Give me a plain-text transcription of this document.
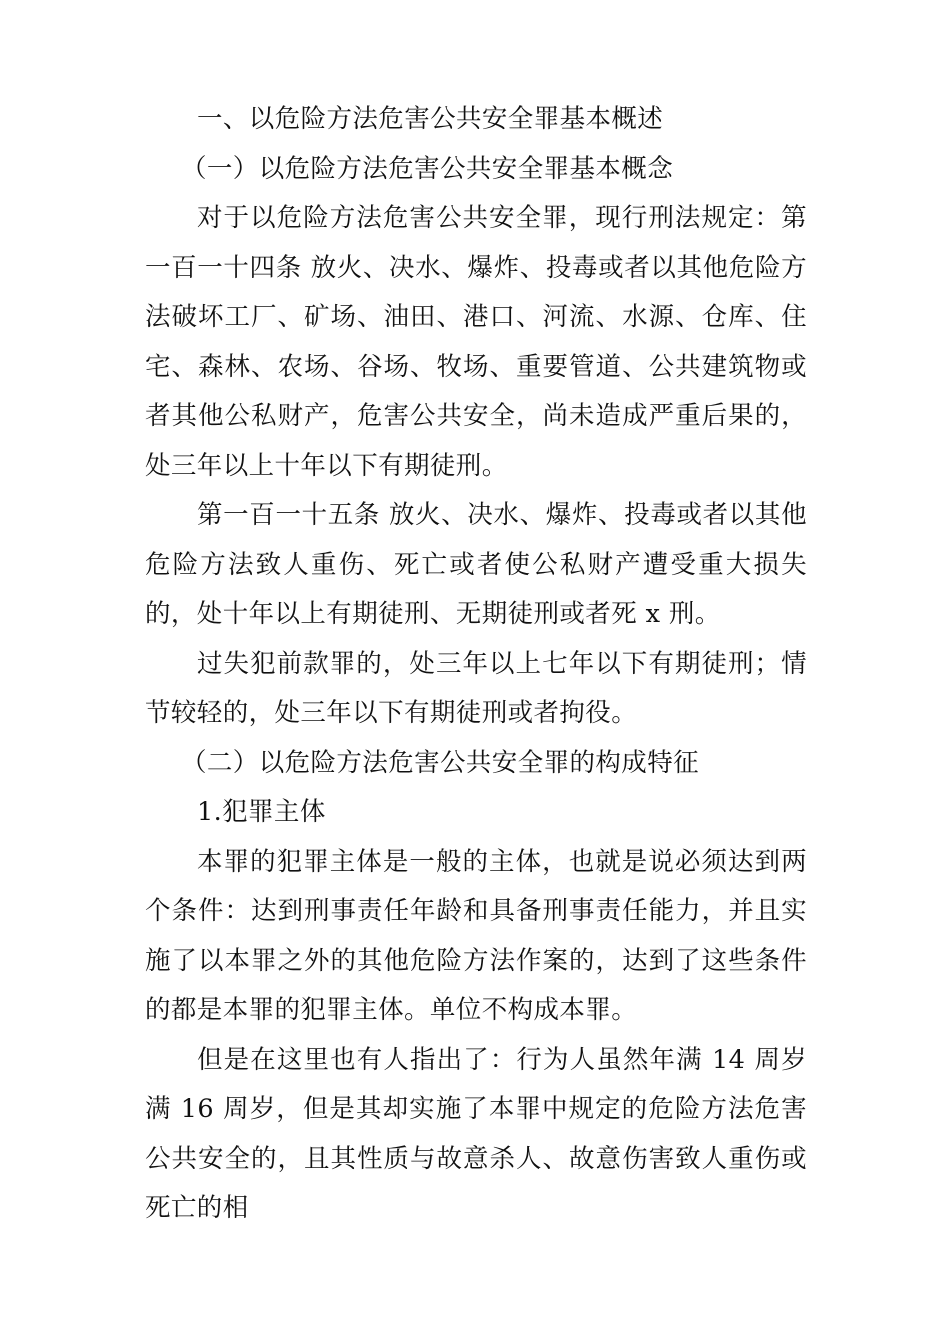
一、以危险方法危害公共安全罪基本概述

（一）以危险方法危害公共安全罪基本概念

对于以危险方法危害公共安全罪，现行刑法规定：第一百一十四条 放火、决水、爆炸、投毒或者以其他危险方法破坏工厂、矿场、油田、港口、河流、水源、仓库、住宅、森林、农场、谷场、牧场、重要管道、公共建筑物或者其他公私财产，危害公共安全，尚未造成严重后果的，处三年以上十年以下有期徒刑。

第一百一十五条 放火、决水、爆炸、投毒或者以其他危险方法致人重伤、死亡或者使公私财产遭受重大损失的，处十年以上有期徒刑、无期徒刑或者死 x 刑。

过失犯前款罪的，处三年以上七年以下有期徒刑；情节较轻的，处三年以下有期徒刑或者拘役。

（二）以危险方法危害公共安全罪的构成特征

1.犯罪主体

本罪的犯罪主体是一般的主体，也就是说必须达到两个条件：达到刑事责任年龄和具备刑事责任能力，并且实施了以本罪之外的其他危险方法作案的，达到了这些条件的都是本罪的犯罪主体。单位不构成本罪。

但是在这里也有人指出了：行为人虽然年满 14 周岁满 16 周岁，但是其却实施了本罪中规定的危险方法危害公共安全的，且其性质与故意杀人、故意伤害致人重伤或死亡的相
